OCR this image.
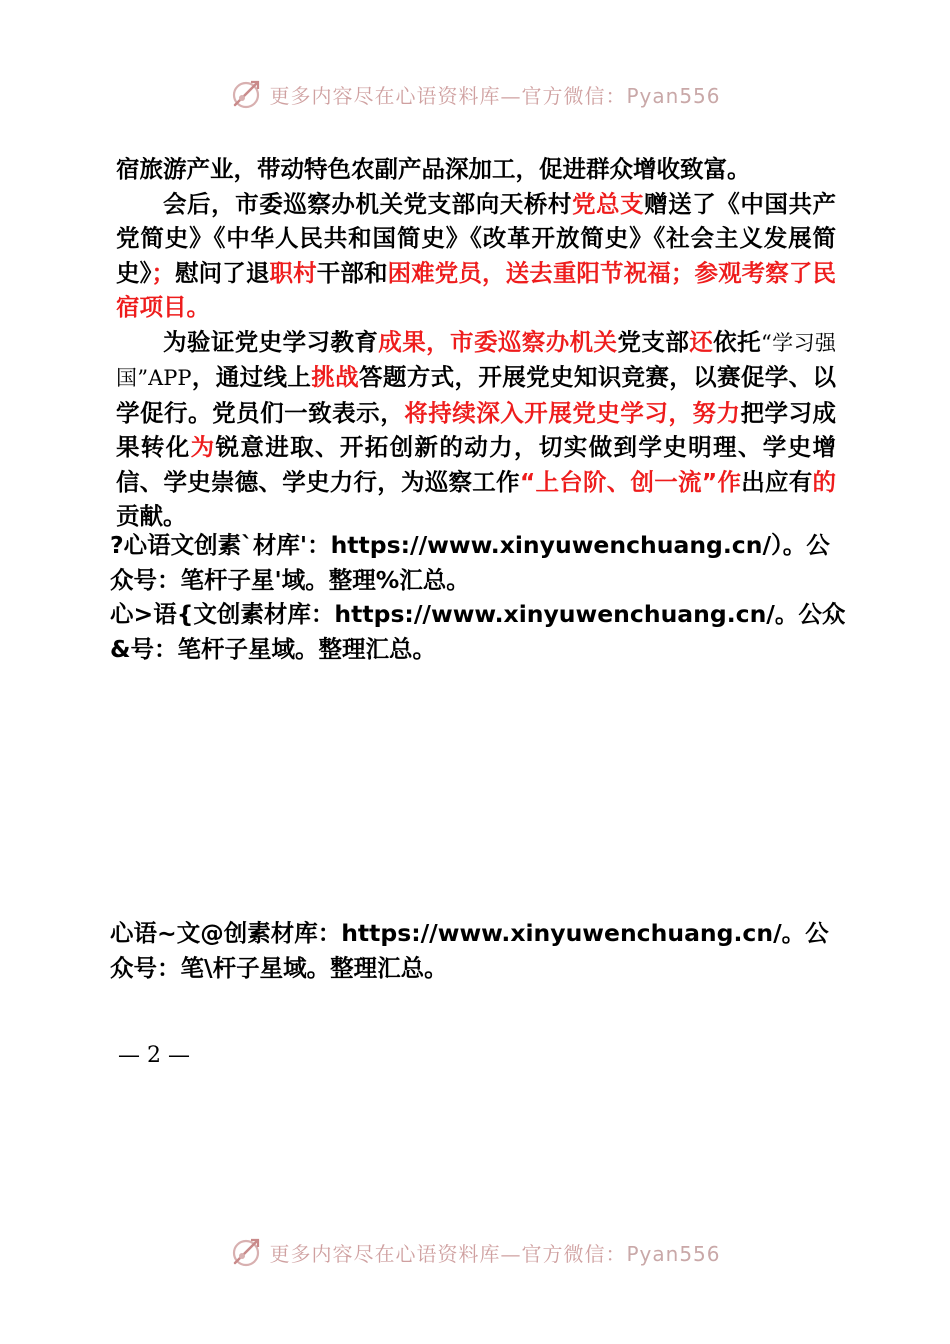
更多内容尽在心语资料库—官方微信：Pyan556

宿旅游产业，带动特色农副产品深加工，促进群众增收致富。

会后，市委巡察办机关党支部向天桥村党总支赠送了《中国共产党简史》《中华人民共和国简史》《改革开放简史》《社会主义发展简史》；慰问了退职村干部和困难党员，送去重阳节祝福；参观考察了民宿项目。

为验证党史学习教育成果，市委巡察办机关党支部还依托“学习强国”APP，通过线上挑战答题方式，开展党史知识竞赛，以赛促学、以学促行。党员们一致表示，将持续深入开展党史学习，努力把学习成果转化为锐意进取、开拓创新的动力，切实做到学史明理、学史增信、学史崇德、学史力行，为巡察工作“上台阶、创一流”作出应有的贡献。

?心语文创素`材库'：https://www.xinyuwenchuang.cn/）。公众号：笔杆子星'域。整理%汇总。

心>语{文创素材库：https://www.xinyuwenchuang.cn/。公众&号：笔杆子星域。整理汇总。

心语~文@创素材库：https://www.xinyuwenchuang.cn/。公众号：笔\杆子星域。整理汇总。

— 2 —
更多内容尽在心语资料库—官方微信：Pyan556
